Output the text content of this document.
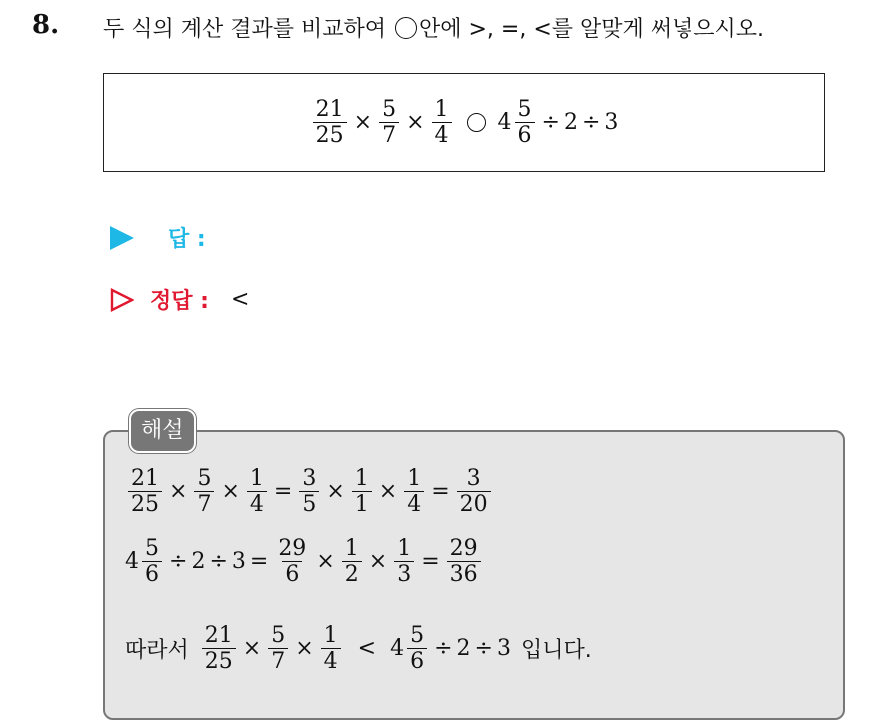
8. 두 식의 계산 결과를 비교하여 안에 >, =, <를 알맞게 써넣으시오.
$\frac{21}{25} \times \frac{5}{7} \times \frac{1}{4} 4 \frac{5}{6} \div 2 \div 3$
답 :
정답 : <
해설
$\frac{21}{25} \times \frac{5}{7} \times \frac{1}{4} = \frac{3}{5} \times \frac{1}{1} \times \frac{1}{4} = \frac{3}{20}$
$4 \frac{5}{6} \div 2 \div 3 = \frac{29}{6} \times \frac{1}{2} \times \frac{1}{3} = \frac{29}{36}$
따라서 $\frac{21}{25} \times \frac{5}{7} \times \frac{1}{4} < 4 \frac{5}{6} \div 2 \div 3$ 입니다.
